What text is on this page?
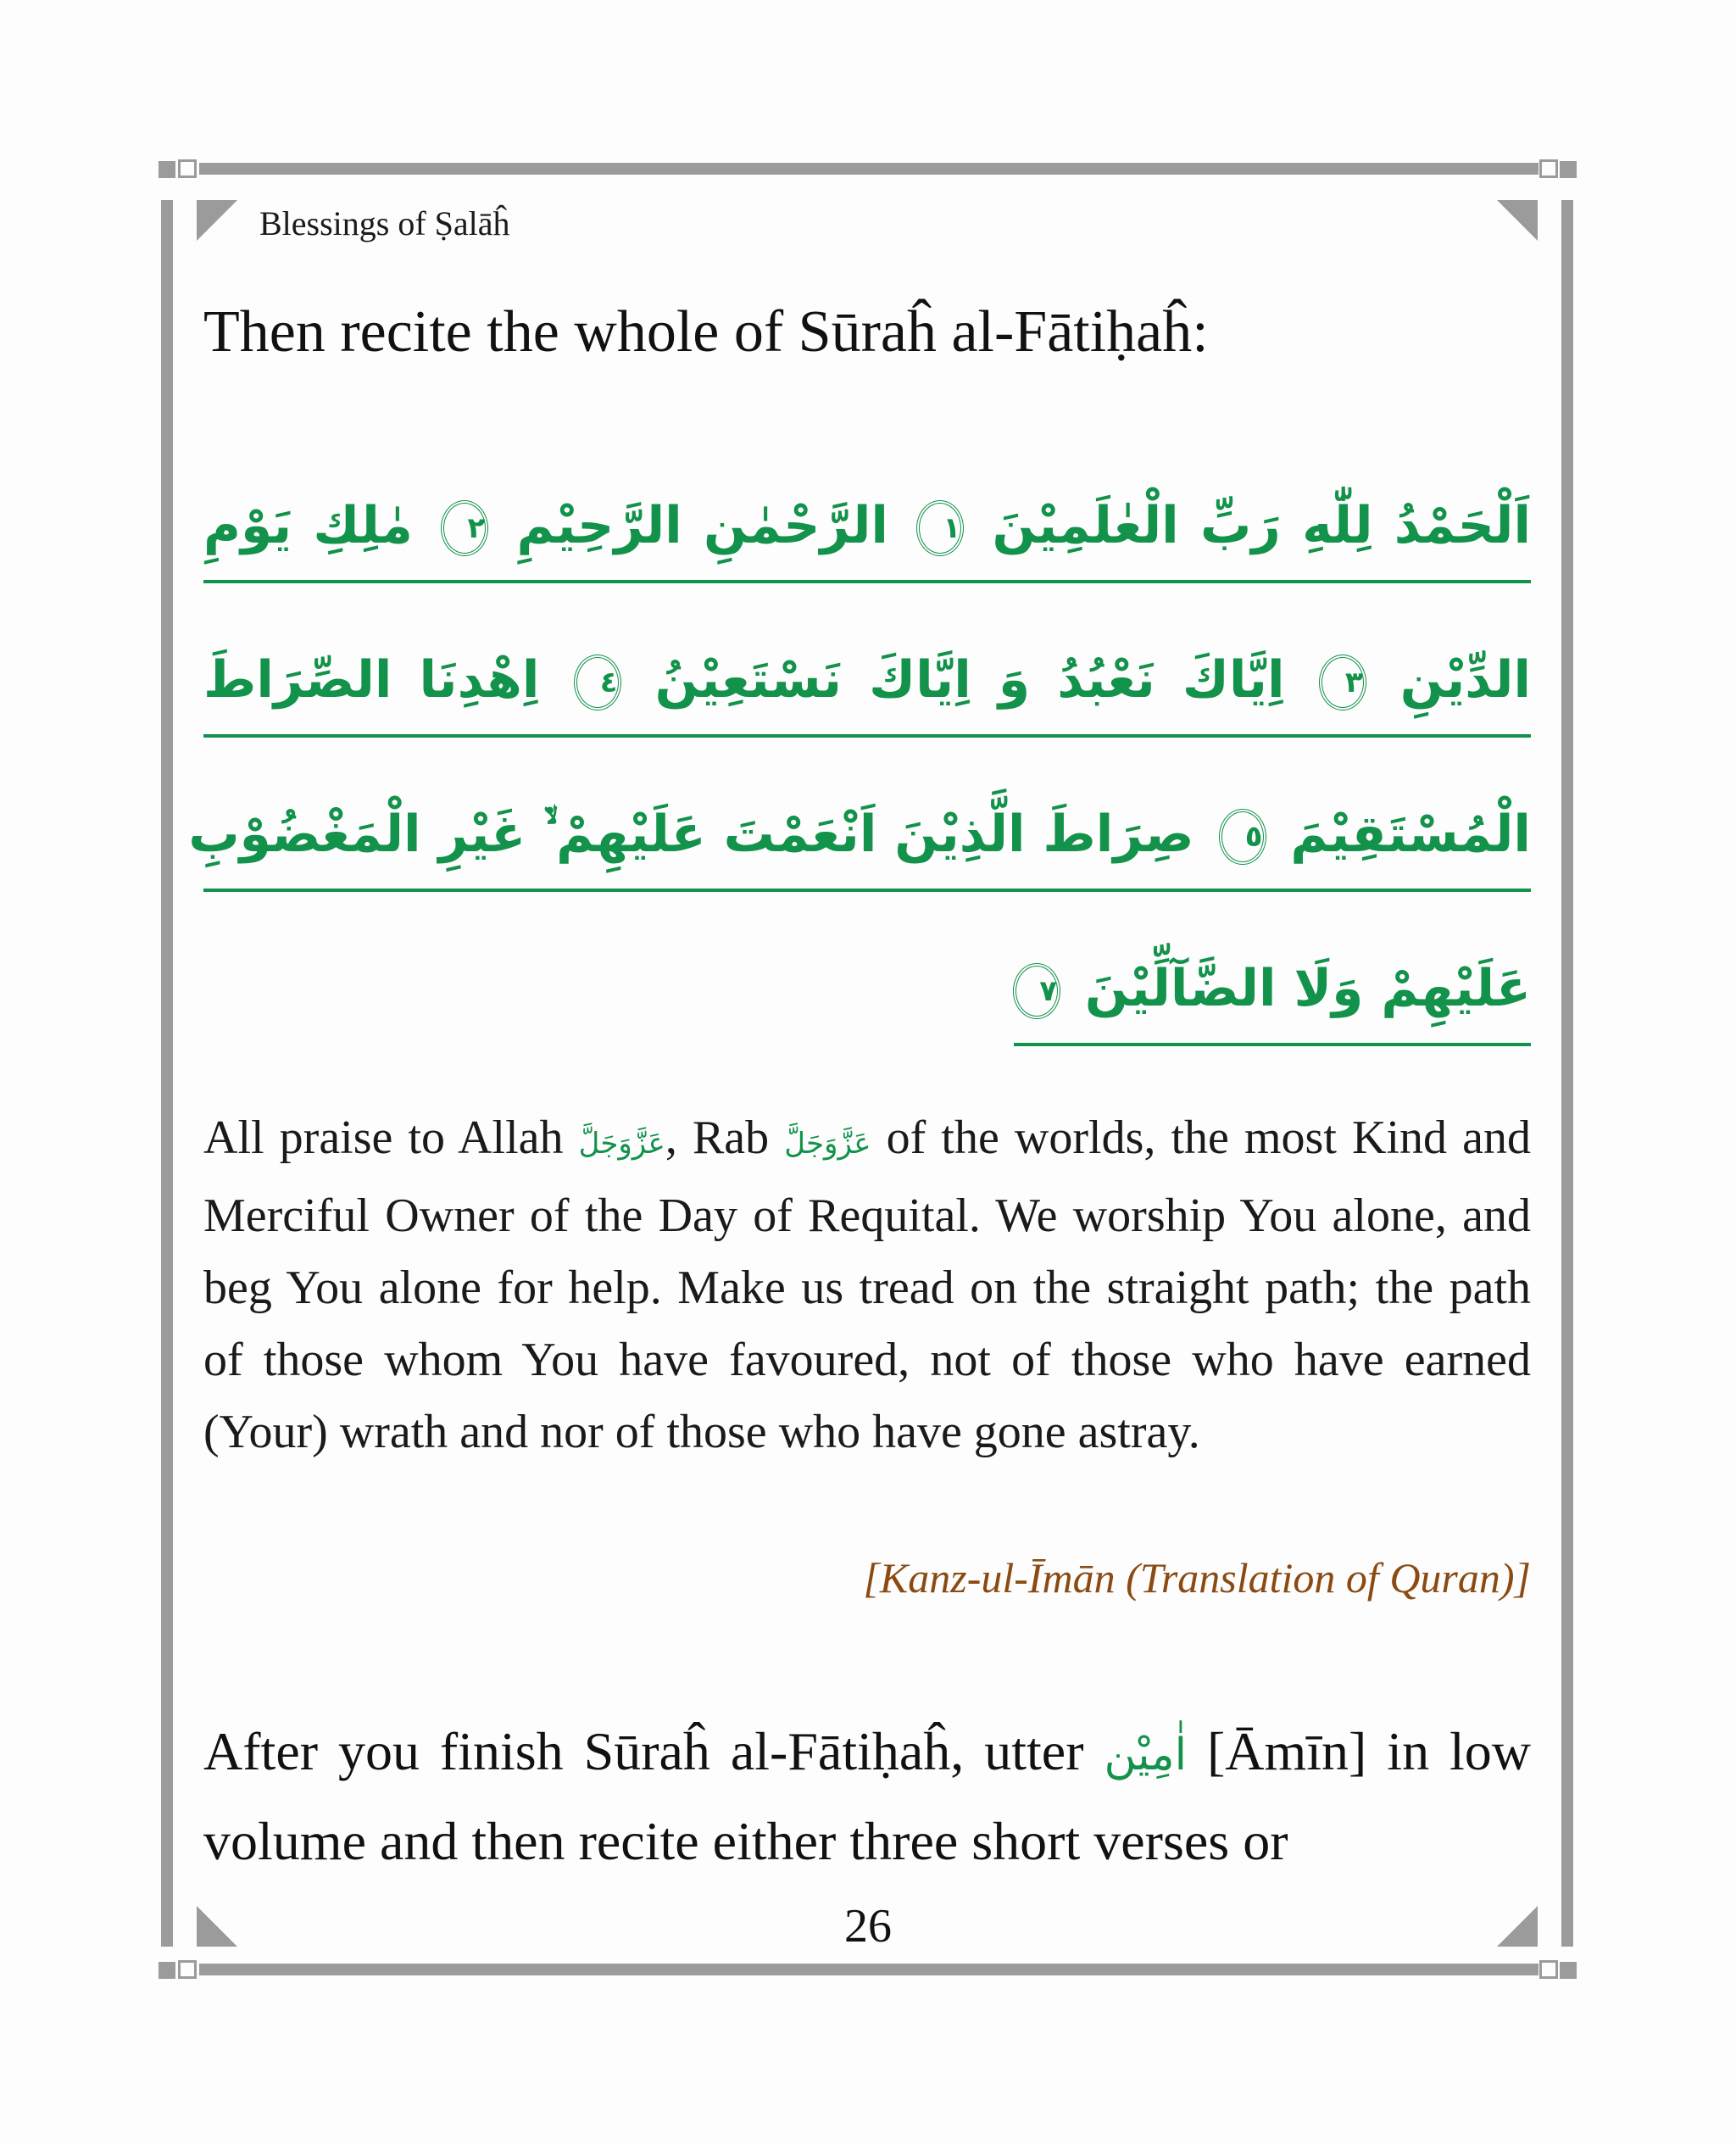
Blessings of Ṣalāĥ
Then recite the whole of Sūraĥ al-Fātiḥaĥ:
اَلْحَمْدُ لِلّٰهِ رَبِّ الْعٰلَمِيْنَ ١ الرَّحْمٰنِ الرَّحِيْمِ ٢ مٰلِكِ يَوْمِ
الدِّيْنِ ٣ اِيَّاكَ نَعْبُدُ وَ اِيَّاكَ نَسْتَعِيْنُ ٤ اِهْدِنَا الصِّرَاطَ
الْمُسْتَقِيْمَ ٥ صِرَاطَ الَّذِيْنَ اَنْعَمْتَ عَلَيْهِمْ ۙ۬ غَيْرِ الْمَغْضُوْبِ
عَلَيْهِمْ وَلَا الضَّآلِّيْنَ ٧
All praise to Allah عَزَّوَجَلَّ, Rab عَزَّوَجَلَّ of the worlds, the most Kind and Merciful Owner of the Day of Requital. We worship You alone, and beg You alone for help. Make us tread on the straight path; the path of those whom You have favoured, not of those who have earned (Your) wrath and nor of those who have gone astray.
[Kanz-ul-Īmān (Translation of Quran)]
After you finish Sūraĥ al-Fātiḥaĥ, utter اٰمِيْن [Āmīn] in low volume and then recite either three short verses or
26
